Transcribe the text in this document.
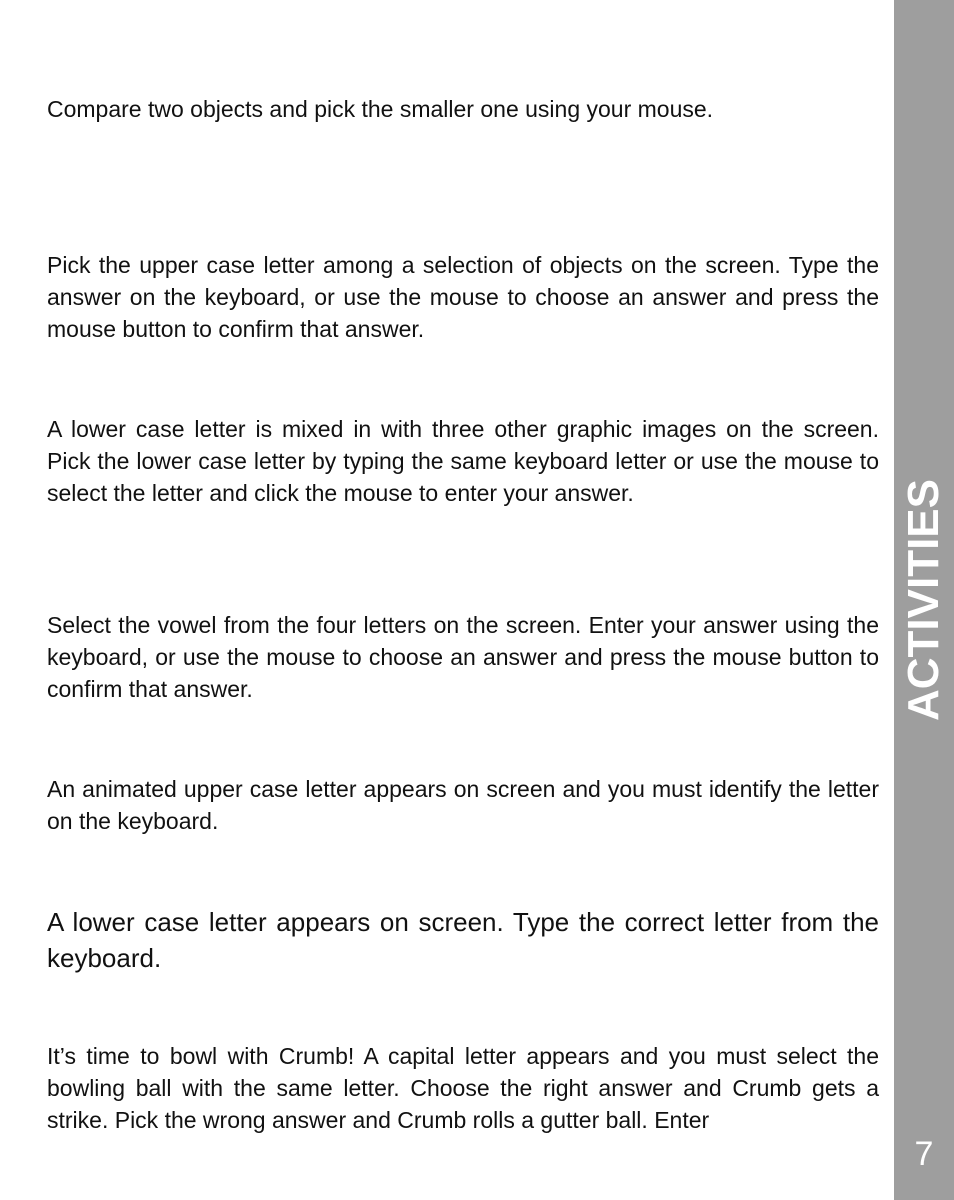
Compare two objects and pick the smaller one using your mouse.

Pick the upper case letter among a selection of objects on the screen. Type the answer on the keyboard, or use the mouse to choose an answer and press the mouse button to confirm that answer.

A lower case letter is mixed in with three other graphic images on the screen. Pick the lower case letter by typing the same keyboard letter or use the mouse to select the letter and click the mouse to enter your answer.

Select the vowel from the four letters on the screen. Enter your answer using the keyboard, or use the mouse to choose an answer and press the mouse button to confirm that answer.

An animated upper case letter appears on screen and you must identify the letter on the keyboard.

A lower case letter appears on screen. Type the correct letter from the keyboard.

It’s time to bowl with Crumb! A capital letter appears and you must select the bowling ball with the same letter. Choose the right answer and Crumb gets a strike. Pick the wrong answer and Crumb rolls a gutter ball. Enter

ACTIVITIES
7
